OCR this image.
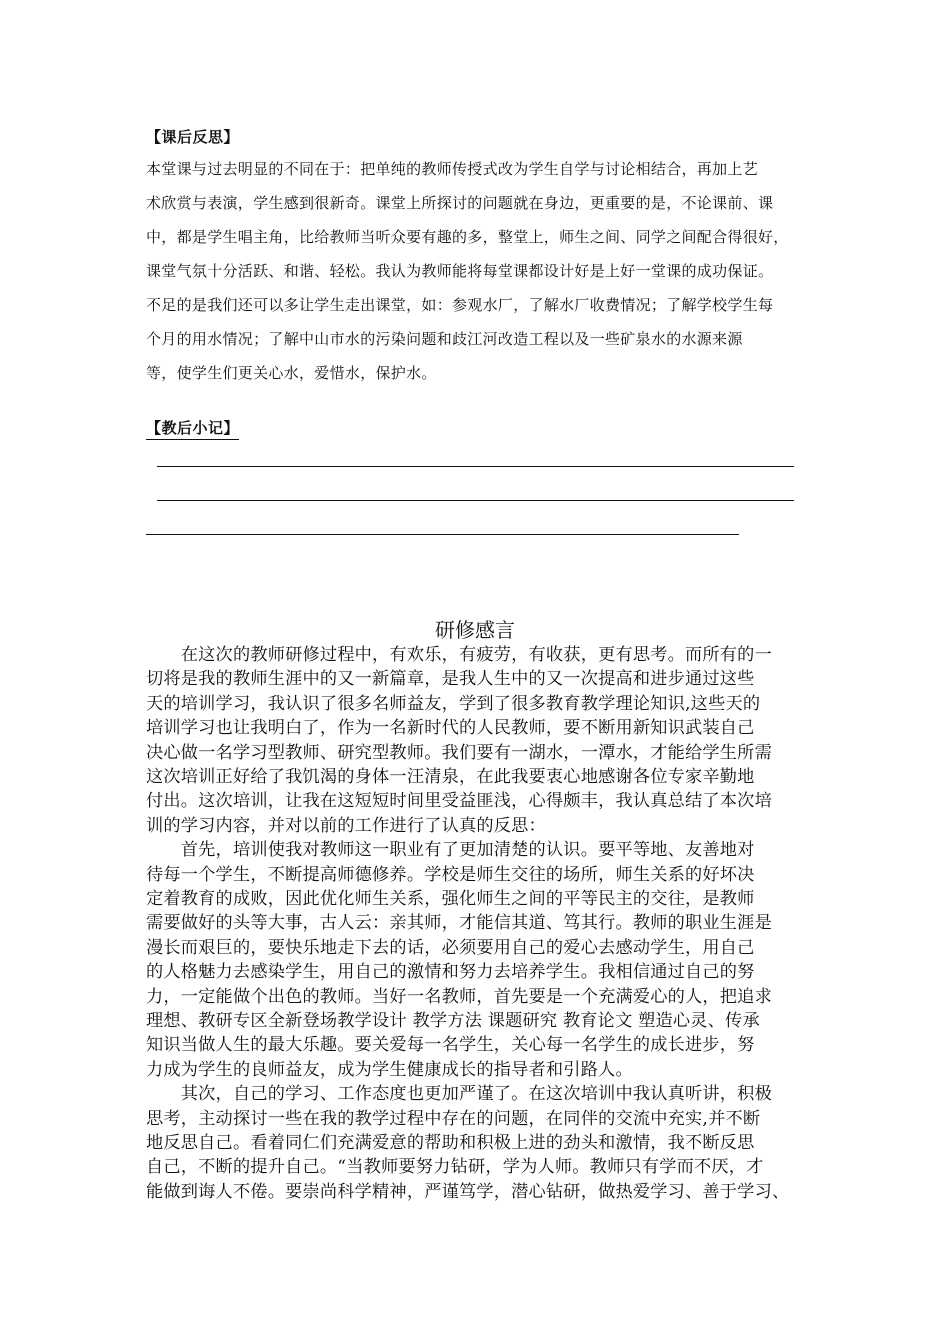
【课后反思】
本堂课与过去明显的不同在于：把单纯的教师传授式改为学生自学与讨论相结合，再加上艺
术欣赏与表演，学生感到很新奇。课堂上所探讨的问题就在身边，更重要的是，不论课前、课
中，都是学生唱主角，比给教师当听众要有趣的多，整堂上，师生之间、同学之间配合得很好，
课堂气氛十分活跃、和谐、轻松。我认为教师能将每堂课都设计好是上好一堂课的成功保证。
不足的是我们还可以多让学生走出课堂，如：参观水厂，了解水厂收费情况；了解学校学生每
个月的用水情况；了解中山市水的污染问题和歧江河改造工程以及一些矿泉水的水源来源
等，使学生们更关心水，爱惜水，保护水。
【教后小记】
研修感言
　　在这次的教师研修过程中，有欢乐，有疲劳，有收获，更有思考。而所有的一
切将是我的教师生涯中的又一新篇章，是我人生中的又一次提高和进步通过这些
天的培训学习，我认识了很多名师益友，学到了很多教育教学理论知识,这些天的
培训学习也让我明白了，作为一名新时代的人民教师，要不断用新知识武装自己
决心做一名学习型教师、研究型教师。我们要有一湖水，一潭水，才能给学生所需
这次培训正好给了我饥渴的身体一汪清泉，在此我要衷心地感谢各位专家辛勤地
付出。这次培训，让我在这短短时间里受益匪浅，心得颇丰，我认真总结了本次培
训的学习内容，并对以前的工作进行了认真的反思：
　　首先，培训使我对教师这一职业有了更加清楚的认识。要平等地、友善地对
待每一个学生，不断提高师德修养。学校是师生交往的场所，师生关系的好坏决
定着教育的成败，因此优化师生关系，强化师生之间的平等民主的交往，是教师
需要做好的头等大事，古人云：亲其师，才能信其道、笃其行。教师的职业生涯是
漫长而艰巨的，要快乐地走下去的话，必须要用自己的爱心去感动学生，用自己
的人格魅力去感染学生，用自己的激情和努力去培养学生。我相信通过自己的努
力，一定能做个出色的教师。当好一名教师，首先要是一个充满爱心的人，把追求
理想、教研专区全新登场教学设计 教学方法 课题研究 教育论文 塑造心灵、传承
知识当做人生的最大乐趣。要关爱每一名学生，关心每一名学生的成长进步，努
力成为学生的良师益友，成为学生健康成长的指导者和引路人。
　　其次，自己的学习、工作态度也更加严谨了。在这次培训中我认真听讲，积极
思考，主动探讨一些在我的教学过程中存在的问题，在同伴的交流中充实,并不断
地反思自己。看着同仁们充满爱意的帮助和积极上进的劲头和激情，我不断反思
自己，不断的提升自己。“当教师要努力钻研，学为人师。教师只有学而不厌，才
能做到诲人不倦。要崇尚科学精神，严谨笃学，潜心钻研，做热爱学习、善于学习、
